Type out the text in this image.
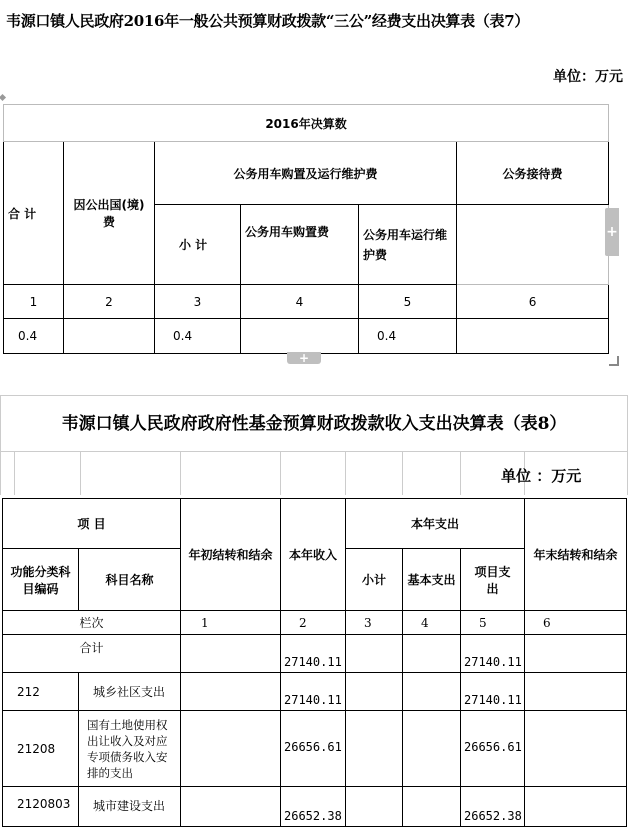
韦源口镇人民政府2016年一般公共预算财政拨款“三公”经费支出决算表（表7）
单位：万元
2016年决算数					
合 计	因公出国(境)费	公务用车购置及运行维护费			公务接待费
		小 计	公务用车购置费	公务用车运行维护费	
1	2	3	4	5	6
0.4		0.4		0.4	
+
+
韦源口镇人民政府政府性基金预算财政拨款收入支出决算表（表8）
单位 ：万元
项 目		年初结转和结余	本年收入	本年支出			年末结转和结余
功能分类科目编码	科目名称			小计	基本支出	项目支出	
栏次		1	2	3	4	5	6
合计			27140.11			27140.11	
212	城乡社区支出		27140.11			27140.11	
21208	国有土地使用权出让收入及对应专项债务收入安排的支出		26656.61			26656.61	
2120803	城市建设支出		26652.38			26652.38	
